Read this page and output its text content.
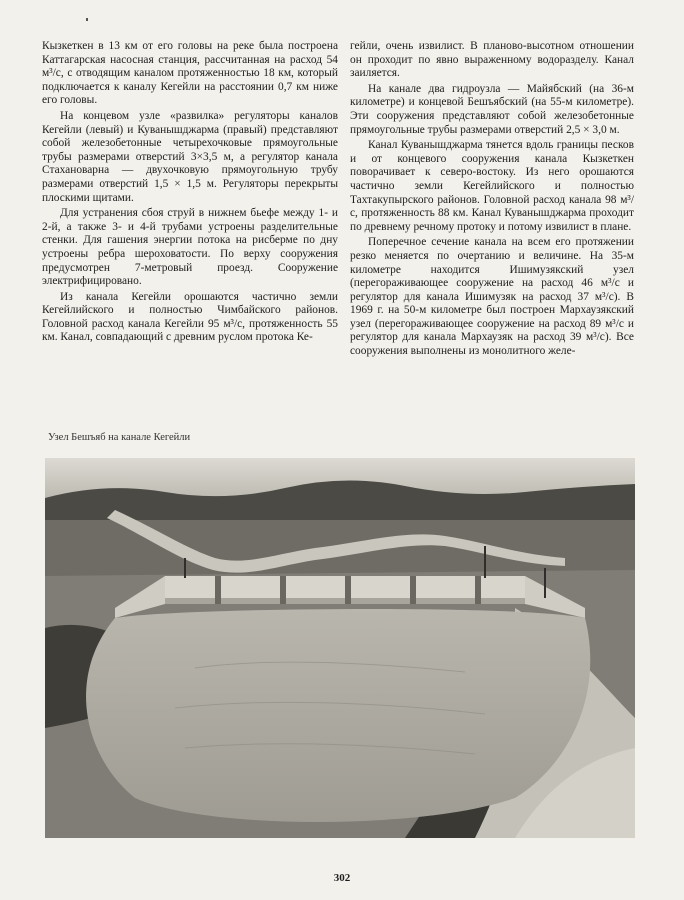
Кызкеткен в 13 км от его головы на реке была построена Каттагарская насосная станция, рассчитанная на расход 54 м³/с, с отводящим каналом протяженностью 18 км, который подключается к каналу Кегейли на расстоянии 0,7 км ниже его головы.

На концевом узле «развилка» регуляторы каналов Кегейли (левый) и Куванышджарма (правый) представляют собой железобетонные четырехочковые прямоугольные трубы размерами отверстий 3×3,5 м, а регулятор канала Стахановарна — двухочковую прямоугольную трубу размерами отверстий 1,5 × 1,5 м. Регуляторы перекрыты плоскими щитами.

Для устранения сбоя струй в нижнем бьефе между 1- и 2-й, а также 3- и 4-й трубами устроены разделительные стенки. Для гашения энергии потока на рисберме по дну устроены ребра шероховатости. По верху сооружения предусмотрен 7-метровый проезд. Сооружение электрифицировано.

Из канала Кегейли орошаются частично земли Кегейлийского и полностью Чимбайского районов. Головной расход канала Кегейли 95 м³/с, протяженность 55 км. Канал, совпадающий с древним руслом протока Ке-

гейли, очень извилист. В планово-высотном отношении он проходит по явно выраженному водоразделу. Канал заиляется.

На канале два гидроузла — Майябский (на 36-м километре) и концевой Бешъябский (на 55-м километре). Эти сооружения представляют собой железобетонные прямоугольные трубы размерами отверстий 2,5 × 3,0 м.

Канал Куванышджарма тянется вдоль границы песков и от концевого сооружения канала Кызкеткен поворачивает к северо-востоку. Из него орошаются частично земли Кегейлийского и полностью Тахтакупырского районов. Головной расход канала 98 м³/с, протяженность 88 км. Канал Куванышджарма проходит по древнему речному протоку и потому извилист в плане.

Поперечное сечение канала на всем его протяжении резко меняется по очертанию и величине. На 35-м километре находится Ишимузякский узел (перегораживающее сооружение на расход 46 м³/с и регулятор для канала Ишимузяк на расход 37 м³/с). В 1969 г. на 50-м километре был построен Мархаузякский узел (перегораживающее сооружение на расход 89 м³/с и регулятор для канала Мархаузяк на расход 39 м³/с). Все сооружения выполнены из монолитного желе-

Узел Бешъяб на канале Кегейли
302
